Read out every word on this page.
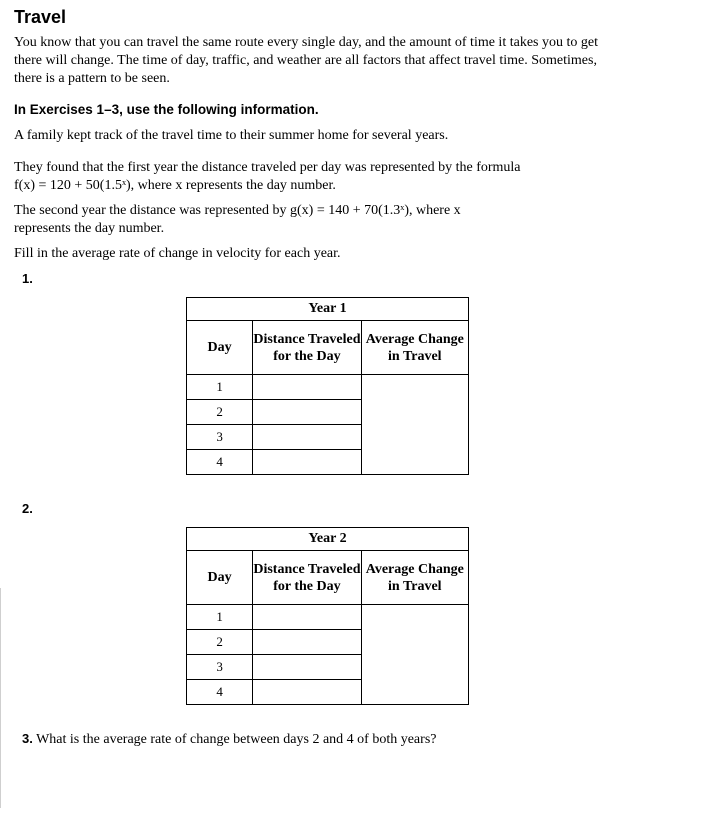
Travel
You know that you can travel the same route every single day, and the amount of time it takes you to get there will change. The time of day, traffic, and weather are all factors that affect travel time. Sometimes, there is a pattern to be seen.
In Exercises 1–3, use the following information.
A family kept track of the travel time to their summer home for several years.
They found that the first year the distance traveled per day was represented by the formula
f(x) = 120 + 50(1.5ˣ), where x represents the day number.
The second year the distance was represented by g(x) = 140 + 70(1.3ˣ), where x represents the day number.
Fill in the average rate of change in velocity for each year.
1.
Year 1		
Day	Distance Traveled for the Day	Average Change in Travel
1		
2		
3		
4		
2.
Year 2		
Day	Distance Traveled for the Day	Average Change in Travel
1		
2		
3		
4		
3. What is the average rate of change between days 2 and 4 of both years?
